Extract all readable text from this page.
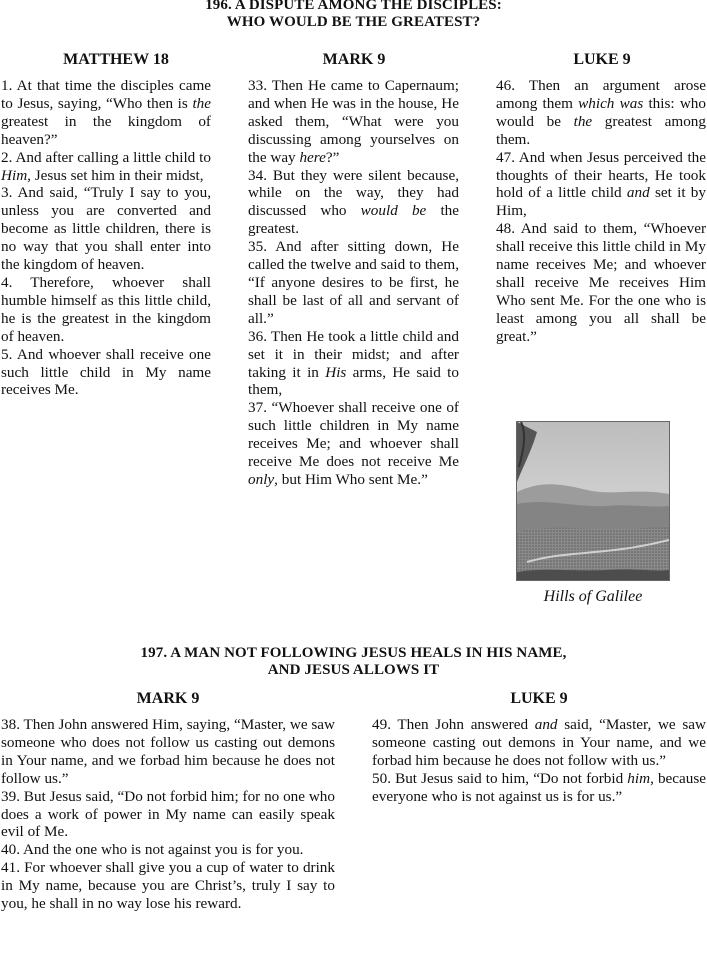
196. A DISPUTE AMONG THE DISCIPLES:
WHO WOULD BE THE GREATEST?
MATTHEW 18	MARK 9	LUKE 9

1. At that time the disciples came to Jesus, saying, “Who then is the greatest in the kingdom of heaven?”

2. And after calling a little child to Him, Jesus set him in their midst,

3. And said, “Truly I say to you, unless you are converted and become as little children, there is no way that you shall enter into the kingdom of heaven.

4. Therefore, whoever shall humble himself as this little child, he is the greatest in the kingdom of heaven.

5. And whoever shall receive one such little child in My name receives Me.

33. Then He came to Capernaum; and when He was in the house, He asked them, “What were you discussing among yourselves on the way here?”

34. But they were silent because, while on the way, they had discussed who would be the greatest.

35. And after sitting down, He called the twelve and said to them, “If anyone desires to be first, he shall be last of all and servant of all.”

36. Then He took a little child and set it in their midst; and after taking it in His arms, He said to them,

37. “Whoever shall receive one of such little children in My name receives Me; and whoever shall receive Me does not receive Me only, but Him Who sent Me.”

46. Then an argument arose among them which was this: who would be the greatest among them.

47. And when Jesus perceived the thoughts of their hearts, He took hold of a little child and set it by Him,

48. And said to them, “Whoever shall receive this little child in My name receives Me; and whoever shall receive Me receives Him Who sent Me. For the one who is least among you all shall be great.”

Hills of Galilee
197. A MAN NOT FOLLOWING JESUS HEALS IN HIS NAME,
AND JESUS ALLOWS IT
MARK 9	LUKE 9

38. Then John answered Him, saying, “Master, we saw someone who does not follow us casting out demons in Your name, and we forbad him because he does not follow us.”

39. But Jesus said, “Do not forbid him; for no one who does a work of power in My name can easily speak evil of Me.

40. And the one who is not against you is for you.

41. For whoever shall give you a cup of water to drink in My name, because you are Christ’s, truly I say to you, he shall in no way lose his reward.

49. Then John answered and said, “Master, we saw someone casting out demons in Your name, and we forbad him because he does not follow with us.”

50. But Jesus said to him, “Do not forbid him, because everyone who is not against us is for us.”
